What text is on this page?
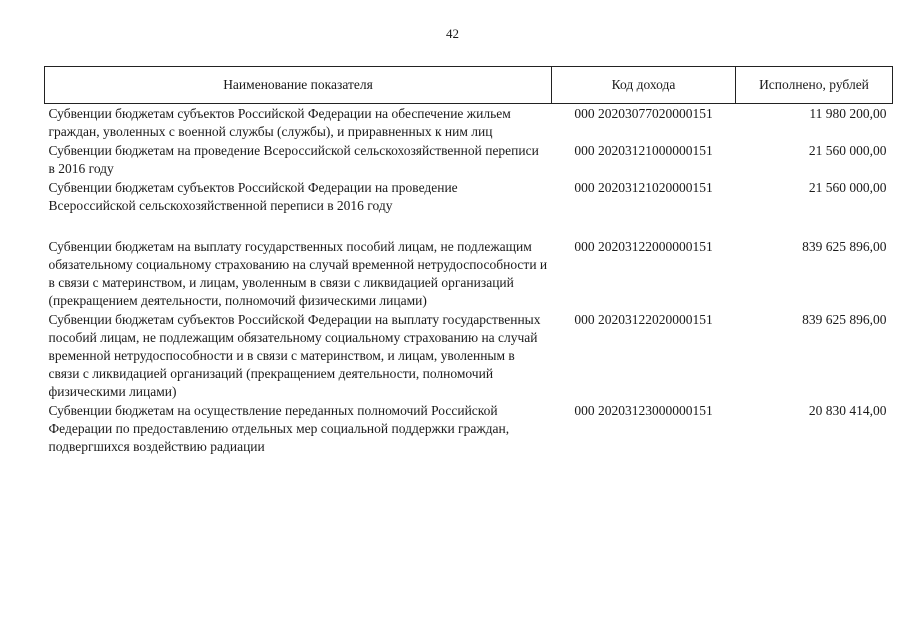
42
Наименование показателя	Код дохода	Исполнено, рублей
Субвенции бюджетам субъектов Российской Федерации на обеспечение жильем граждан, уволенных с военной службы (службы), и приравненных к ним лиц	000 20203077020000151	11 980 200,00
Субвенции бюджетам на проведение Всероссийской сельскохозяйственной переписи в 2016 году	000 20203121000000151	21 560 000,00
Субвенции бюджетам субъектов Российской Федерации на проведение Всероссийской сельскохозяйственной переписи в 2016 году	000 20203121020000151	21 560 000,00

Субвенции бюджетам на выплату государственных пособий лицам, не подлежащим обязательному социальному страхованию на случай временной нетрудоспособности и в связи с материнством, и лицам, уволенным в связи с ликвидацией организаций (прекращением деятельности, полномочий физическими лицами)	000 20203122000000151	839 625 896,00
Субвенции бюджетам субъектов Российской Федерации на выплату государственных пособий лицам, не подлежащим обязательному социальному страхованию на случай временной нетрудоспособности и в связи с материнством, и лицам, уволенным в связи с ликвидацией организаций (прекращением деятельности, полномочий физическими лицами)	000 20203122020000151	839 625 896,00
Субвенции бюджетам на осуществление переданных полномочий Российской Федерации по предоставлению отдельных мер социальной поддержки граждан, подвергшихся воздействию радиации	000 20203123000000151	20 830 414,00
